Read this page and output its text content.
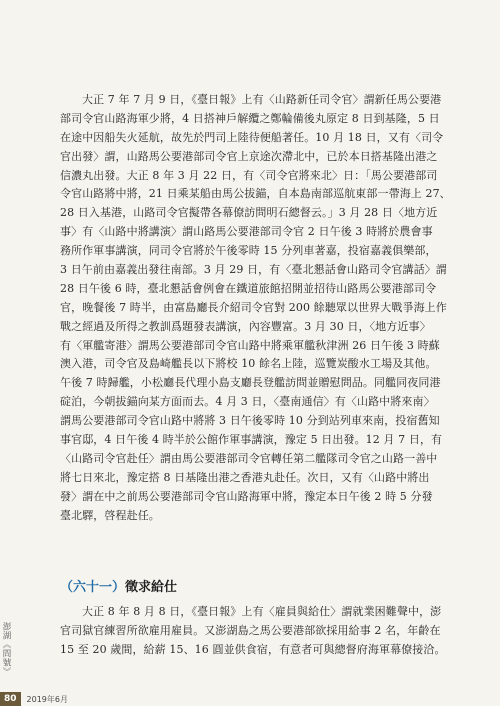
大正 7 年 7 月 9 日，《臺日報》上有〈山路新任司令官〉謂新任馬公要港
部司令官山路海軍少將，4 日搭神戶解纜之鄭輪備後丸原定 8 日到基隆，5 日
在途中因船失火延航，故先於門司上陸待便船著任。10 月 18 日，又有〈司令
官出發〉謂，山路馬公要港部司令官上京途次滯北中，已於本日搭基隆出港之
信濃丸出發。大正 8 年 3 月 22 日，有〈司令官將來北〉日：「馬公要港部司
令官山路將中將，21 日乘某船由馬公拔錨，自本島南部巡航東部一帶海上 27、
28 日入基港，山路司令官擬帶各幕僚訪問明石總督云。」3 月 28 日〈地方近
事〉有〈山路中將講演〉謂山路馬公要港部司令官 2 日午後 3 時將於農會事
務所作軍事講演，同司令官將於午後零時 15 分列車著嘉，投宿嘉義俱樂部，
3 日午前由嘉義出發往南部。3 月 29 日，有〈臺北懇話會山路司令官講話〉謂
28 日午後 6 時，臺北懇話會例會在鐵道旅館招開並招待山路馬公要港部司令
官，晚餐後 7 時半，由富島廳長介紹司令官對 200 餘聽眾以世界大戰爭海上作
戰之經過及所得之教訓爲題發表講演，內容豐富。3 月 30 日，〈地方近事〉
有〈軍艦寄港〉謂馬公要港部司令官山路中將乘軍艦秋津洲 26 日午後 3 時蘇
澳入港，司令官及島崎艦長以下將校 10 餘名上陸，巡覽炭酸水工場及其他。
午後 7 時歸艦，小松廳長代理小島支廳長登艦訪問並贈慰問品。同艦同夜同港
碇泊，今朝拔錨向某方面而去。4 月 3 日，〈臺南通信〉有〈山路中將來南〉
謂馬公要港部司令官山路中將將 3 日午後零時 10 分到站列車來南，投宿舊知
事官邸，4 日午後 4 時半於公館作軍事講演，豫定 5 日出發。12 月 7 日，有
〈山路司令官赴任〉謂由馬公要港部司令官轉任第二艦隊司令官之山路一善中
將七日來北，豫定搭 8 日基隆出港之香港丸赴任。次日，又有〈山路中將出
發〉謂在中之前馬公要港部司令官山路海軍中將，豫定本日午後 2 時 5 分發
臺北驛，啓程赴任。
（六十一）徵求給仕
大正 8 年 8 月 8 日，《臺日報》上有〈雇員與給仕〉謂就業困難聲中，澎
官司獄官練習所欲雇用雇員。又澎湖島之馬公要港部欲採用給事 2 名，年齡在
15 至 20 歲間，給薪 15、16 圓並供食宿，有意者可與總督府海軍幕僚接洽。
澎湖《問號》
80	2019年6月
